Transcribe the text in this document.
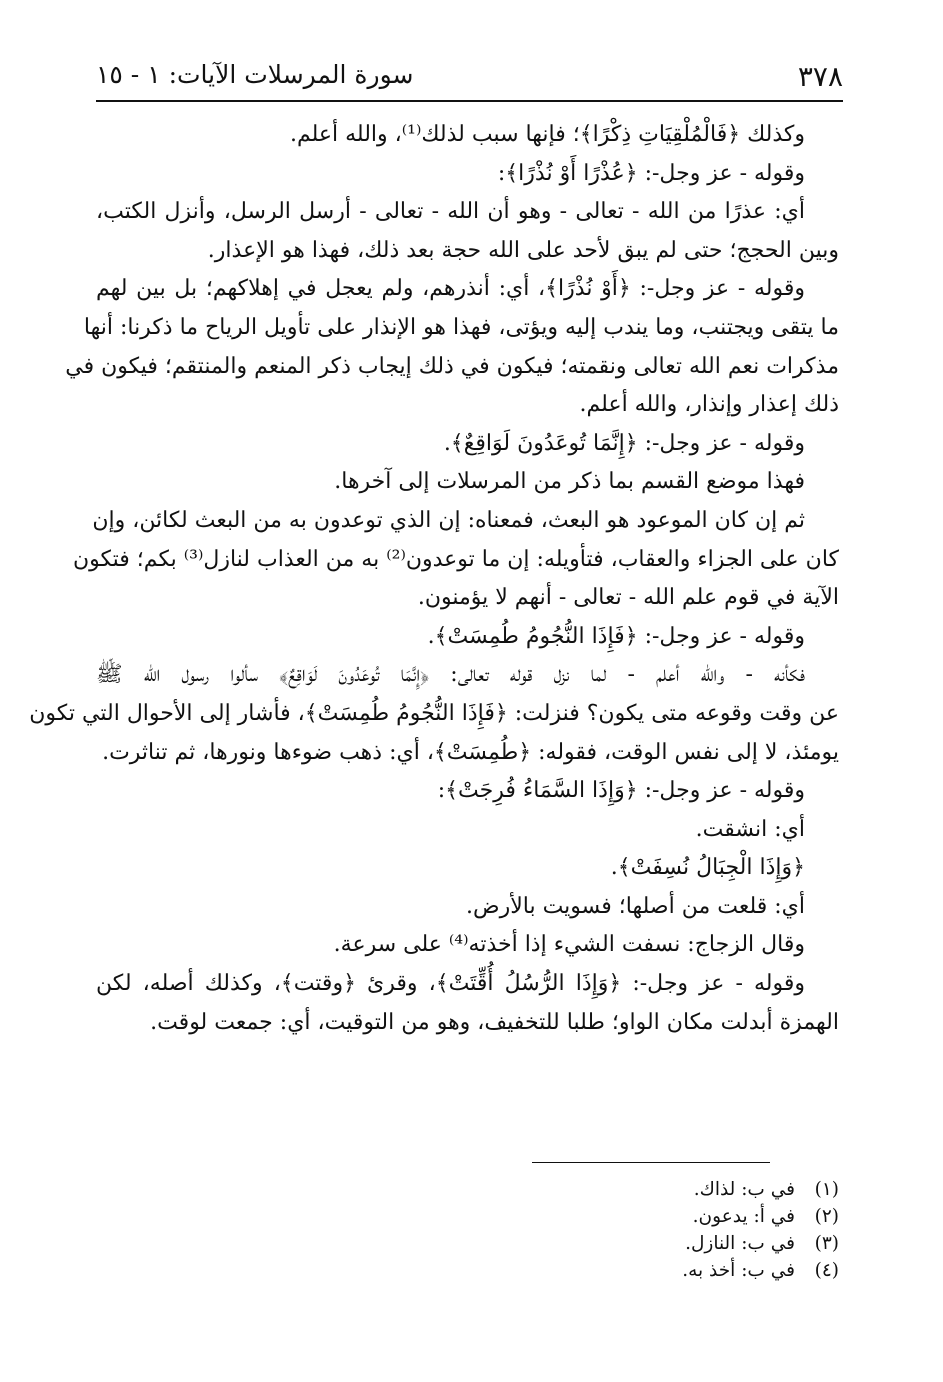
٣٧٨
سورة المرسلات الآيات: ١ - ١٥
وكذلك ﴿فَالْمُلْقِيَاتِ ذِكْرًا﴾؛ فإنها سبب لذلك⁽¹⁾، والله أعلم.
وقوله - عز وجل-: ﴿عُذْرًا أَوْ نُذْرًا﴾:
أي: عذرًا من الله - تعالى - وهو أن الله - تعالى - أرسل الرسل، وأنزل الكتب،
وبين الحجج؛ حتى لم يبق لأحد على الله حجة بعد ذلك، فهذا هو الإعذار.
وقوله - عز وجل-: ﴿أَوْ نُذْرًا﴾، أي: أنذرهم، ولم يعجل في إهلاكهم؛ بل بين لهم
ما يتقى ويجتنب، وما يندب إليه ويؤتى، فهذا هو الإنذار على تأويل الرياح ما ذكرنا: أنها
مذكرات نعم الله تعالى ونقمته؛ فيكون في ذلك إيجاب ذكر المنعم والمنتقم؛ فيكون في
ذلك إعذار وإنذار، والله أعلم.
وقوله - عز وجل-: ﴿إِنَّمَا تُوعَدُونَ لَوَاقِعٌ﴾.
فهذا موضع القسم بما ذكر من المرسلات إلى آخرها.
ثم إن كان الموعود هو البعث، فمعناه: إن الذي توعدون به من البعث لكائن، وإن
كان على الجزاء والعقاب، فتأويله: إن ما توعدون⁽²⁾ به من العذاب لنازل⁽³⁾ بكم؛ فتكون
الآية في قوم علم الله - تعالى - أنهم لا يؤمنون.
وقوله - عز وجل-: ﴿فَإِذَا النُّجُومُ طُمِسَتْ﴾.
فكأنه - والله أعلم - لما نزل قوله تعالى: ﴿إِنَّمَا تُوعَدُونَ لَوَاقِعٌ﴾ سألوا رسول الله ﷺ
عن وقت وقوعه متى يكون؟ فنزلت: ﴿فَإِذَا النُّجُومُ طُمِسَتْ﴾، فأشار إلى الأحوال التي تكون
يومئذ، لا إلى نفس الوقت، فقوله: ﴿طُمِسَتْ﴾، أي: ذهب ضوءها ونورها، ثم تناثرت.
وقوله - عز وجل-: ﴿وَإِذَا السَّمَاءُ فُرِجَتْ﴾:
أي: انشقت.
﴿وَإِذَا الْجِبَالُ نُسِفَتْ﴾.
أي: قلعت من أصلها؛ فسويت بالأرض.
وقال الزجاج: نسفت الشيء إذا أخذته⁽⁴⁾ على سرعة.
وقوله - عز وجل-: ﴿وَإِذَا الرُّسُلُ أُقِّتَتْ﴾، وقرئ ﴿وقتت﴾، وكذلك أصله، لكن
الهمزة أبدلت مكان الواو؛ طلبا للتخفيف، وهو من التوقيت، أي: جمعت لوقت.
(١)في ب: لذاك.
(٢)في أ: يدعون.
(٣)في ب: النازل.
(٤)في ب: أخذ به.
